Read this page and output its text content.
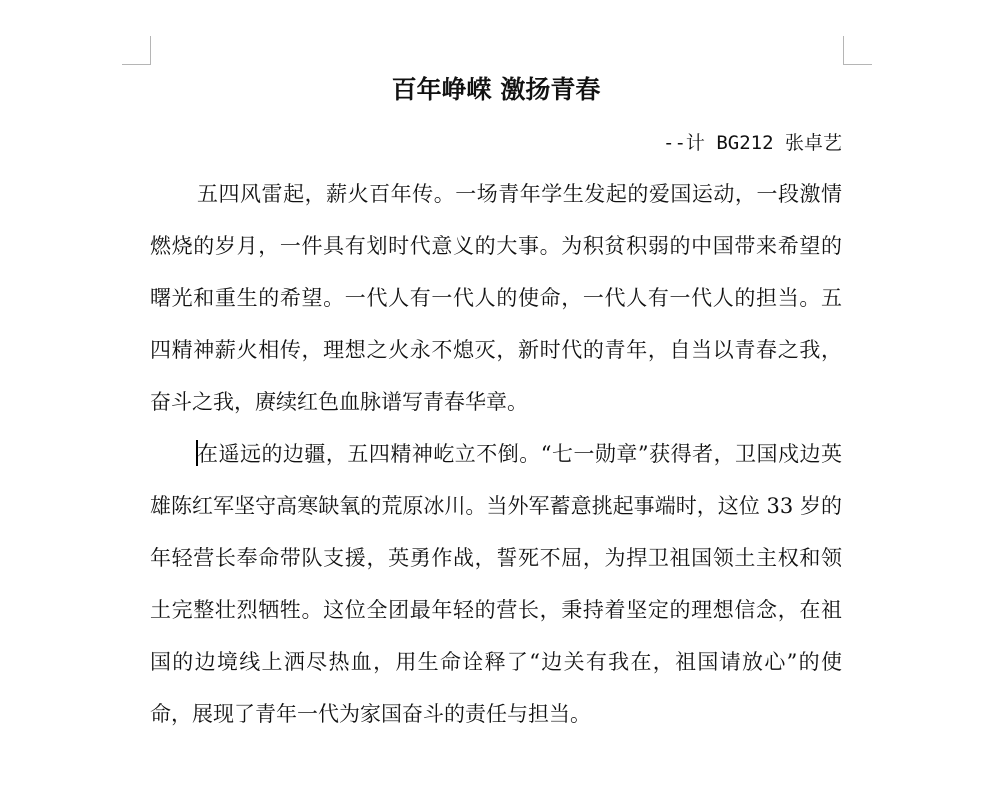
百年峥嵘 激扬青春
--计 BG212 张卓艺

五四风雷起，薪火百年传。一场青年学生发起的爱国运动，一段激情燃烧的岁月，一件具有划时代意义的大事。为积贫积弱的中国带来希望的曙光和重生的希望。一代人有一代人的使命，一代人有一代人的担当。五四精神薪火相传，理想之火永不熄灭，新时代的青年，自当以青春之我，奋斗之我，赓续红色血脉谱写青春华章。

在遥远的边疆，五四精神屹立不倒。“七一勋章”获得者，卫国戍边英雄陈红军坚守高寒缺氧的荒原冰川。当外军蓄意挑起事端时，这位 33 岁的年轻营长奉命带队支援，英勇作战，誓死不屈，为捍卫祖国领土主权和领土完整壮烈牺牲。这位全团最年轻的营长，秉持着坚定的理想信念，在祖国的边境线上洒尽热血，用生命诠释了“边关有我在，祖国请放心”的使命，展现了青年一代为家国奋斗的责任与担当。
